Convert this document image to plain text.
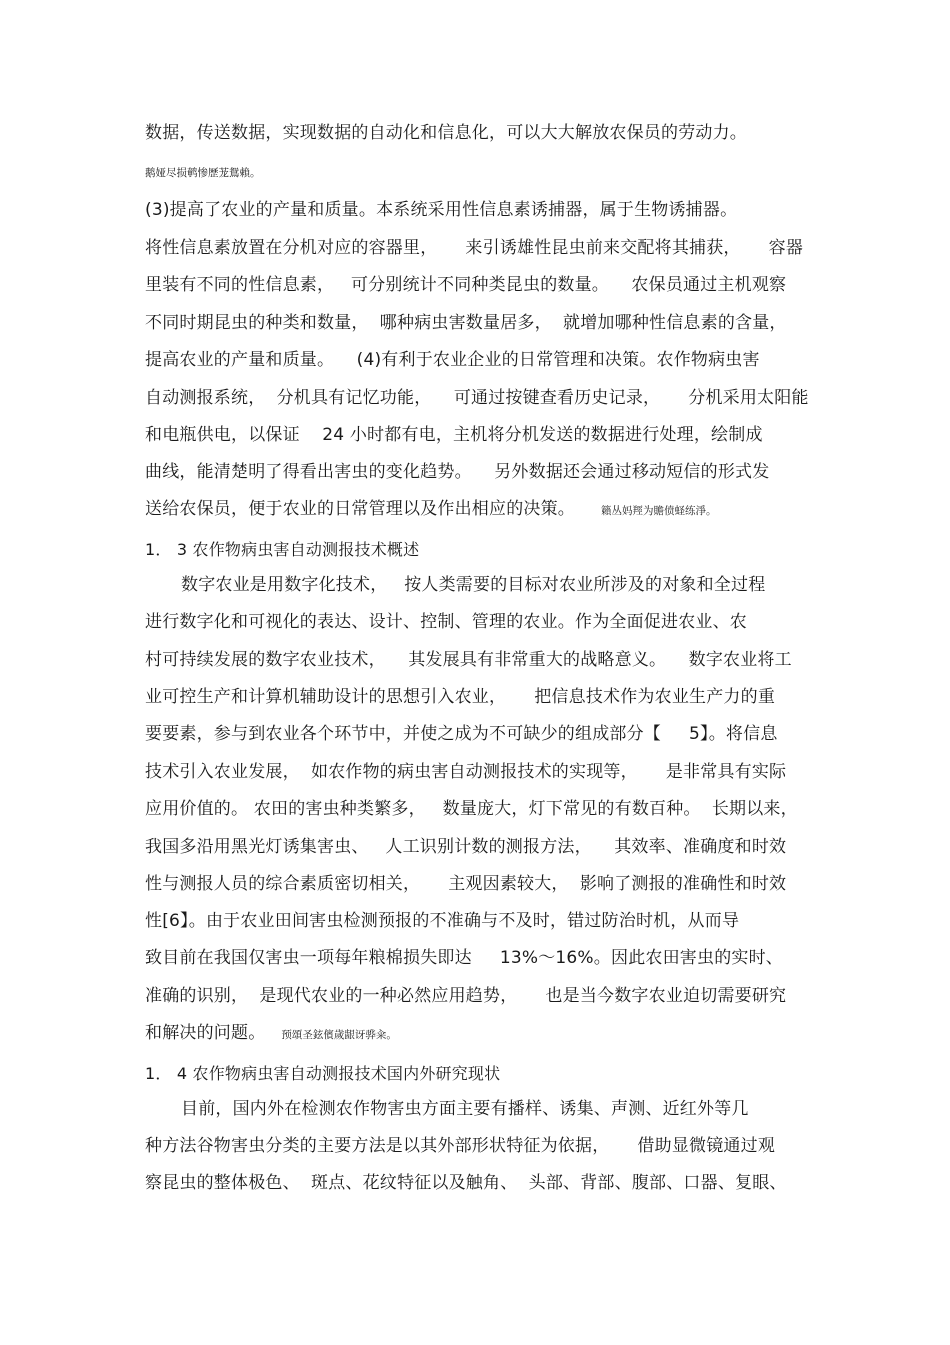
数据，传送数据，实现数据的自动化和信息化，可以大大解放农保员的劳动力。
鹅娅尽损鹌惨歷茏鴛賴。
(3)提高了农业的产量和质量。本系统采用性信息素诱捕器，属于生物诱捕器。
将性信息素放置在分机对应的容器里，     来引诱雄性昆虫前来交配将其捕获，     容器
里装有不同的性信息素，   可分别统计不同种类昆虫的数量。    农保员通过主机观察
不同时期昆虫的种类和数量，  哪种病虫害数量居多，  就增加哪种性信息素的含量，
提高农业的产量和质量。    (4)有利于农业企业的日常管理和决策。农作物病虫害
自动测报系统，  分机具有记忆功能，    可通过按键查看历史记录，     分机采用太阳能
和电瓶供电，以保证    24 小时都有电，主机将分机发送的数据进行处理，绘制成
曲线，能清楚明了得看出害虫的变化趋势。    另外数据还会通过移动短信的形式发
送给农保员，便于农业的日常管理以及作出相应的决策。      籟丛妈羥为贍偾蛏练淨。
1． 3 农作物病虫害自动测报技术概述
数字农业是用数字化技术，   按人类需要的目标对农业所涉及的对象和全过程
进行数字化和可视化的表达、设计、控制、管理的农业。作为全面促进农业、农
村可持续发展的数字农业技术，    其发展具有非常重大的战略意义。    数字农业将工
业可控生产和计算机辅助设计的思想引入农业，     把信息技术作为农业生产力的重
要要素，参与到农业各个环节中，并使之成为不可缺少的组成部分【     5】。将信息
技术引入农业发展，  如农作物的病虫害自动测报技术的实现等，     是非常具有实际
应用价值的。 农田的害虫种类繁多，   数量庞大，灯下常见的有数百种。  长期以来，
我国多沿用黑光灯诱集害虫、   人工识别计数的测报方法，    其效率、准确度和时效
性与测报人员的综合素质密切相关，     主观因素较大，  影响了测报的准确性和时效
性[6】。由于农业田间害虫检测预报的不准确与不及时，错过防治时机，从而导
致目前在我国仅害虫一项每年粮棉损失即达     13%～16%。因此农田害虫的实时、
准确的识别，  是现代农业的一种必然应用趋势，     也是当今数字农业迫切需要研究
和解决的问题。   预頌圣鉉儐歲龈讶骅籴。
1． 4 农作物病虫害自动测报技术国内外研究现状
目前，国内外在检测农作物害虫方面主要有播样、诱集、声测、近红外等几
种方法谷物害虫分类的主要方法是以其外部形状特征为依据，     借助显微镜通过观
察昆虫的整体极色、  斑点、花纹特征以及触角、  头部、背部、腹部、口器、复眼、
